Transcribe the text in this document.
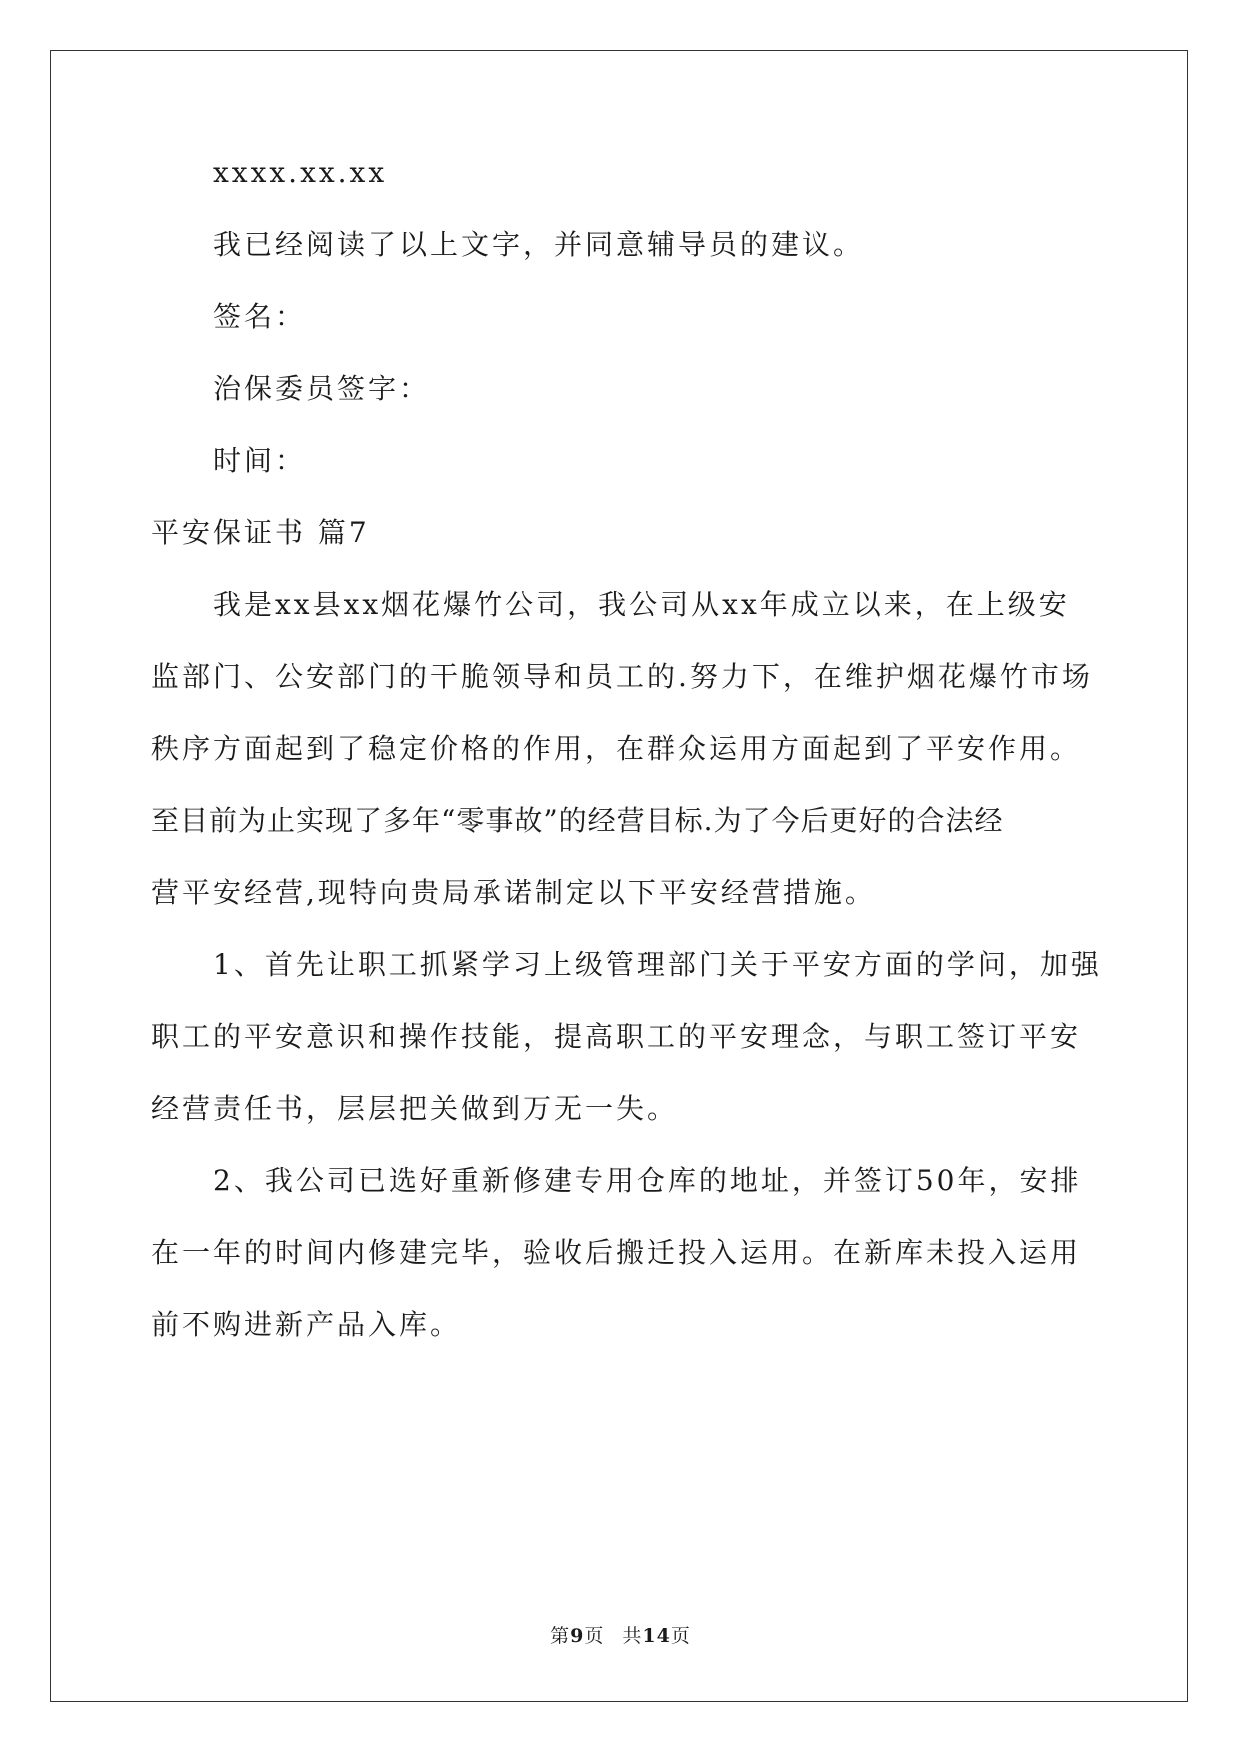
xxxx.xx.xx
我已经阅读了以上文字，并同意辅导员的建议。
签名：
治保委员签字：
时间：
平安保证书 篇7
我是xx县xx烟花爆竹公司，我公司从xx年成立以来，在上级安
监部门、公安部门的干脆领导和员工的.努力下，在维护烟花爆竹市场
秩序方面起到了稳定价格的作用，在群众运用方面起到了平安作用。
至目前为止实现了多年“零事故”的经营目标.为了今后更好的合法经
营平安经营,现特向贵局承诺制定以下平安经营措施。
1、首先让职工抓紧学习上级管理部门关于平安方面的学问，加强
职工的平安意识和操作技能，提高职工的平安理念，与职工签订平安
经营责任书，层层把关做到万无一失。
2、我公司已选好重新修建专用仓库的地址，并签订50年，安排
在一年的时间内修建完毕，验收后搬迁投入运用。在新库未投入运用
前不购进新产品入库。
第9页 共14页
